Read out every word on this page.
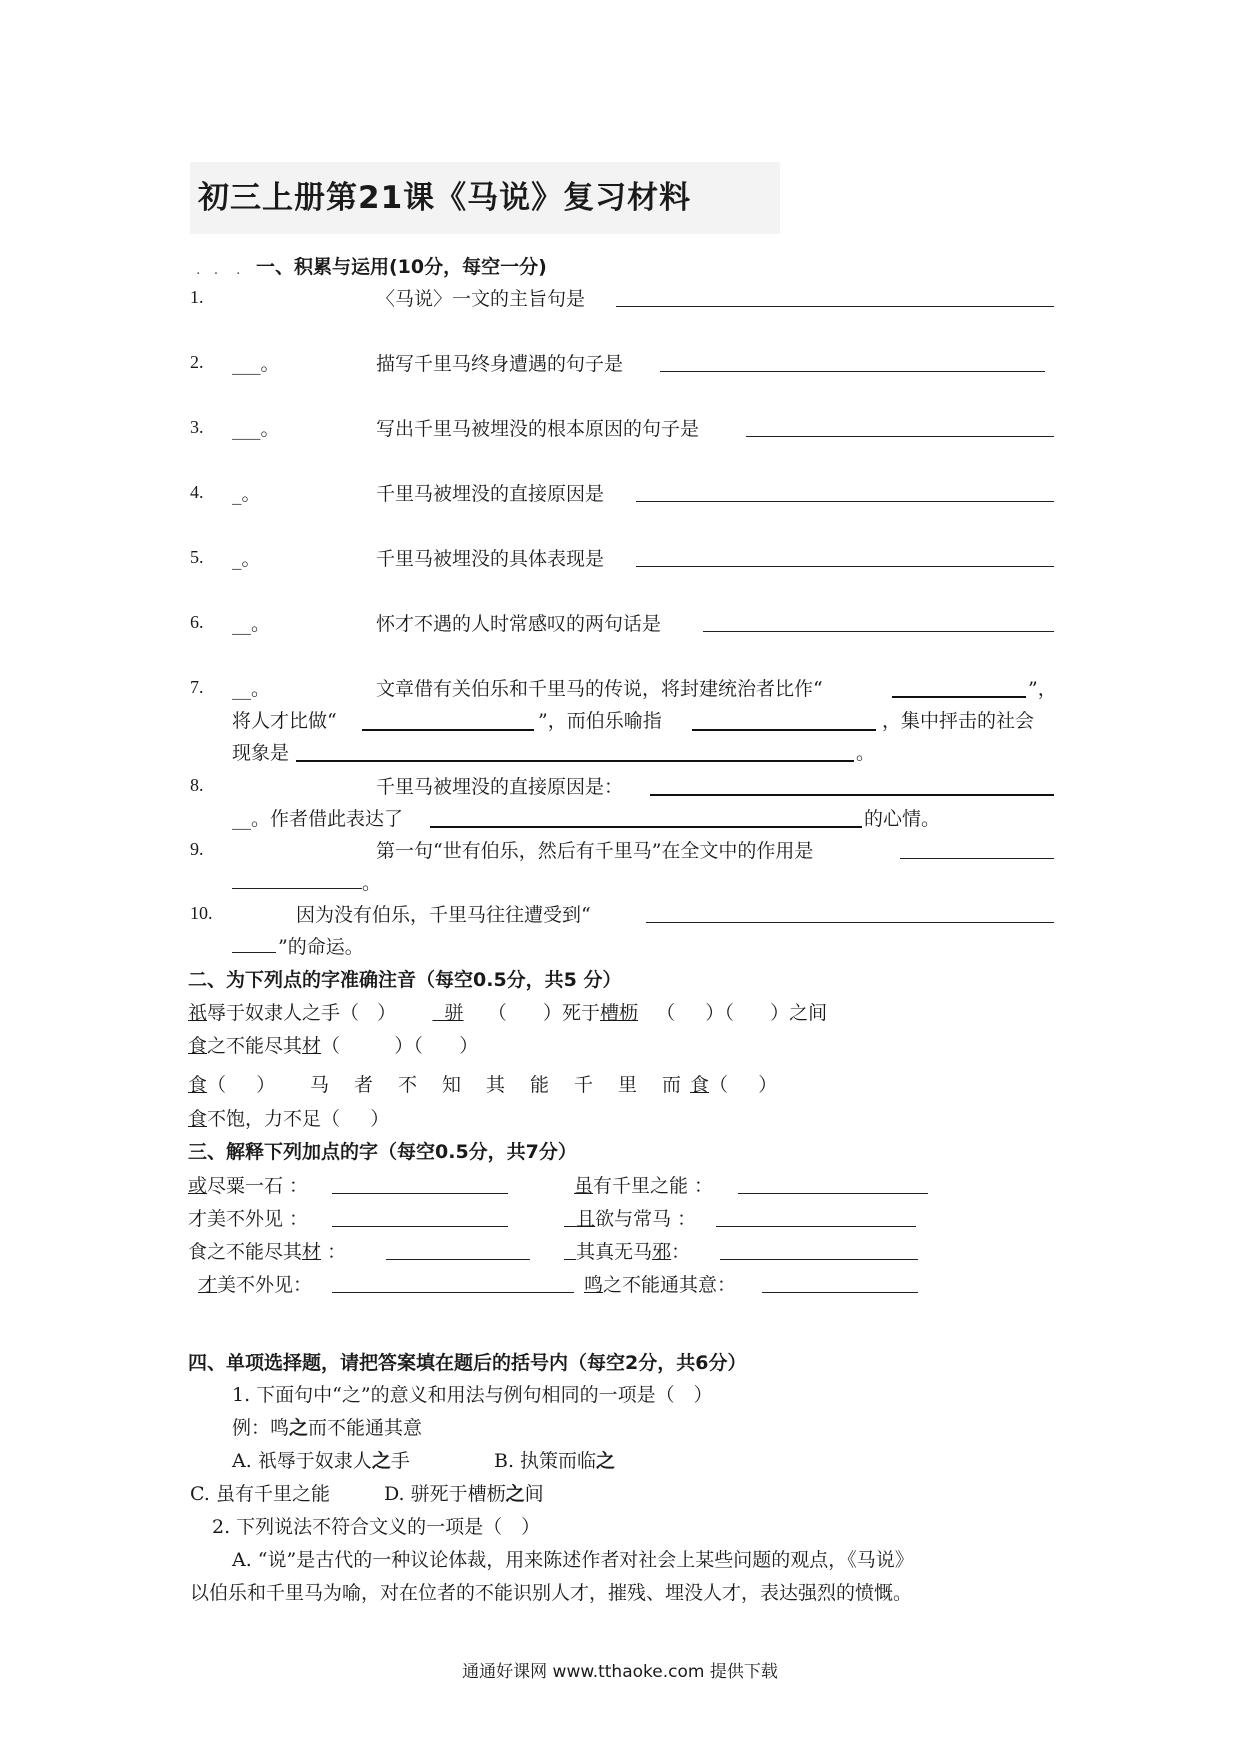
初三上册第21课《马说》复习材料
.   .    . 一、积累与运用(10分，每空一分)
1.	〈马说〉一文的主旨句是
___。
2.	描写千里马终身遭遇的句子是
___。
3.	写出千里马被埋没的根本原因的句子是
_。
4.	千里马被埋没的直接原因是
_。
5.	千里马被埋没的具体表现是
__。
6.	怀才不遇的人时常感叹的两句话是
__。
7.	文章借有关伯乐和千里马的传说，将封建统治者比作“	”，
将人才比做“	”，而伯乐喻指	，集中抨击的社会
现象是	。
8.	千里马被埋没的直接原因是：
__。作者借此表达了	的心情。
9.	第一句“世有伯乐，然后有千里马”在全文中的作用是
。
10.	因为没有伯乐，千里马往往遭受到“
”的命运。
二、为下列点的字准确注音（每空0.5分，共5 分）
祇辱于奴隶人之手（ ）	骈 （ ）死于槽枥 （ ）（ ）之间
食之不能尽其材（	）（ ）
食（ ） 马 者 不 知 其 能 千 里 而 食（ ）
食不饱，力不足（ ）
三、解释下列加点的字（每空0.5分，共7分）
或尽粟一石 ：	虽有千里之能 ：
才美不外见 ：	且欲与常马 ：
食之不能尽其材 ：	其真无马邪：
才美不外见：	鸣之不能通其意：
四、单项选择题，请把答案填在题后的括号内（每空2分，共6分）
1. 下面句中“之”的意义和用法与例句相同的一项是（　）
例：鸣之而不能通其意
A. 祇辱于奴隶人之手	B. 执策而临之
C. 虽有千里之能	D. 骈死于槽枥之间
2. 下列说法不符合文义的一项是（　）
A. “说”是古代的一种议论体裁，用来陈述作者对社会上某些问题的观点，《马说》
以伯乐和千里马为喻，对在位者的不能识别人才，摧残、埋没人才，表达强烈的愤慨。
通通好课网 www.tthaoke.com 提供下载
